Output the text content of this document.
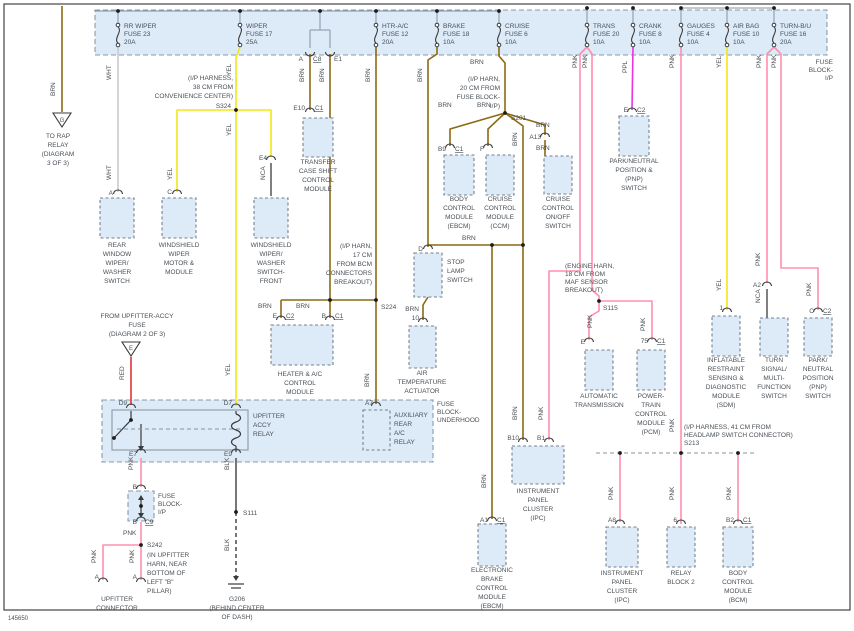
RR WIPER
FUSE 23
20A
WIPER
FUSE 17
25A
HTR-A/C
FUSE 12
20A
BRAKE
FUSE 18
10A
CRUISE
FUSE 6
10A
TRANS
FUSE 20
10A
CRANK
FUSE 8
10A
GAUGES
FUSE 4
10A
AIR BAG
FUSE 10
10A
TURN-B/U
FUSE 16
20A
G
E
FUSE
BLOCK-
I/P
A C8 E1
WHT
BRN
TO RAP
RELAY
(DIAGRAM
3 OF 3)
WHT
A
REAR
WINDOW
WIPER/
WASHER
SWITCH
YEL
(I/P HARNESS,
38 CM FROM
CONVENIENCE CENTER)
S324
YEL
YEL
C
WINDSHIELD
WIPER
MOTOR &
MODULE
E4
NCA
WINDSHIELD
WIPER/
WASHER
SWITCH-
FRONT
BRN BRN
E10 C1
TRANSFER
CASE SHIFT
CONTROL
MODULE
BRN	BRN
BRN
(I/P HARN,
20 CM FROM
FUSE BLOCK-
I/P)
S201
BRN	BRN
B9 C1	F
BRN
A13
BRN
BRN
BODY
CONTROL
MODULE
(EBCM)
CRUISE
CONTROL
MODULE
(CCM)
CRUISE
CONTROL
ON/OFF
SWITCH
(I/P HARN,
17 CM
FROM BCM
CONNECTORS
BREAKOUT)
S224
BRN	BRN
E C2	B C1
HEATER & A/C
CONTROL
MODULE
BRN
A7
AUXILIARY
REAR
A/C
RELAY
BRN
D
STOP
LAMP
SWITCH
BRN
10
AIR
TEMPERATURE
ACTUATOR
BRN
A1 C1
ELECTRONIC
BRAKE
CONTROL
MODULE
(EBCM)
BRN	PNK
B10	B1
INSTRUMENT
PANEL
CLUSTER
(IPC)
PNK PNK
(ENGINE HARN,
18 CM FROM
MAF SENSOR
BREAKOUT)
S115
PNK
E
PNK
75 C1
AUTOMATIC
TRANSMISSION
POWER-
TRAIN
CONTROL
MODULE
(PCM)
PPL
E C2
PARK/NEUTRAL
POSITION &
(PNP)
SWITCH
PNK
PNK
YEL
YEL
1
INFLATABLE
RESTRAINT
SENSING &
DIAGNOSTIC
MODULE
(SDM)
PNK PNK
PNK
A2
NCA
TURN
SIGNAL/
MULTI-
FUNCTION
SWITCH
PNK
C C2
PARK/
NEUTRAL
POSITION
(PNP)
SWITCH
(I/P HARNESS, 41 CM FROM
HEADLAMP SWITCH CONNECTOR)
S213
PNK	PNK	PNK
A8	6	B2 C1
INSTRUMENT
PANEL
CLUSTER
(IPC)
RELAY
BLOCK 2
BODY
CONTROL
MODULE
(BCM)
FROM UPFITTER-ACCY
FUSE
(DIAGRAM 2 OF 3)
RED	YEL
D9	D7
UPFITTER
ACCY
RELAY
FUSE
BLOCK-
UNDERHOOD
E7	E9
PNK	BLK
B
FUSE
BLOCK-
I/P
B C9
PNK
S242
(IN UPFITTER
HARN, NEAR
BOTTOM OF
LEFT "B"
PILLAR)
PNK
A
PNK
A
UPFITTER
CONNECTOR
BLK
S111
G206
(BEHIND CENTER
OF DASH)
145650
